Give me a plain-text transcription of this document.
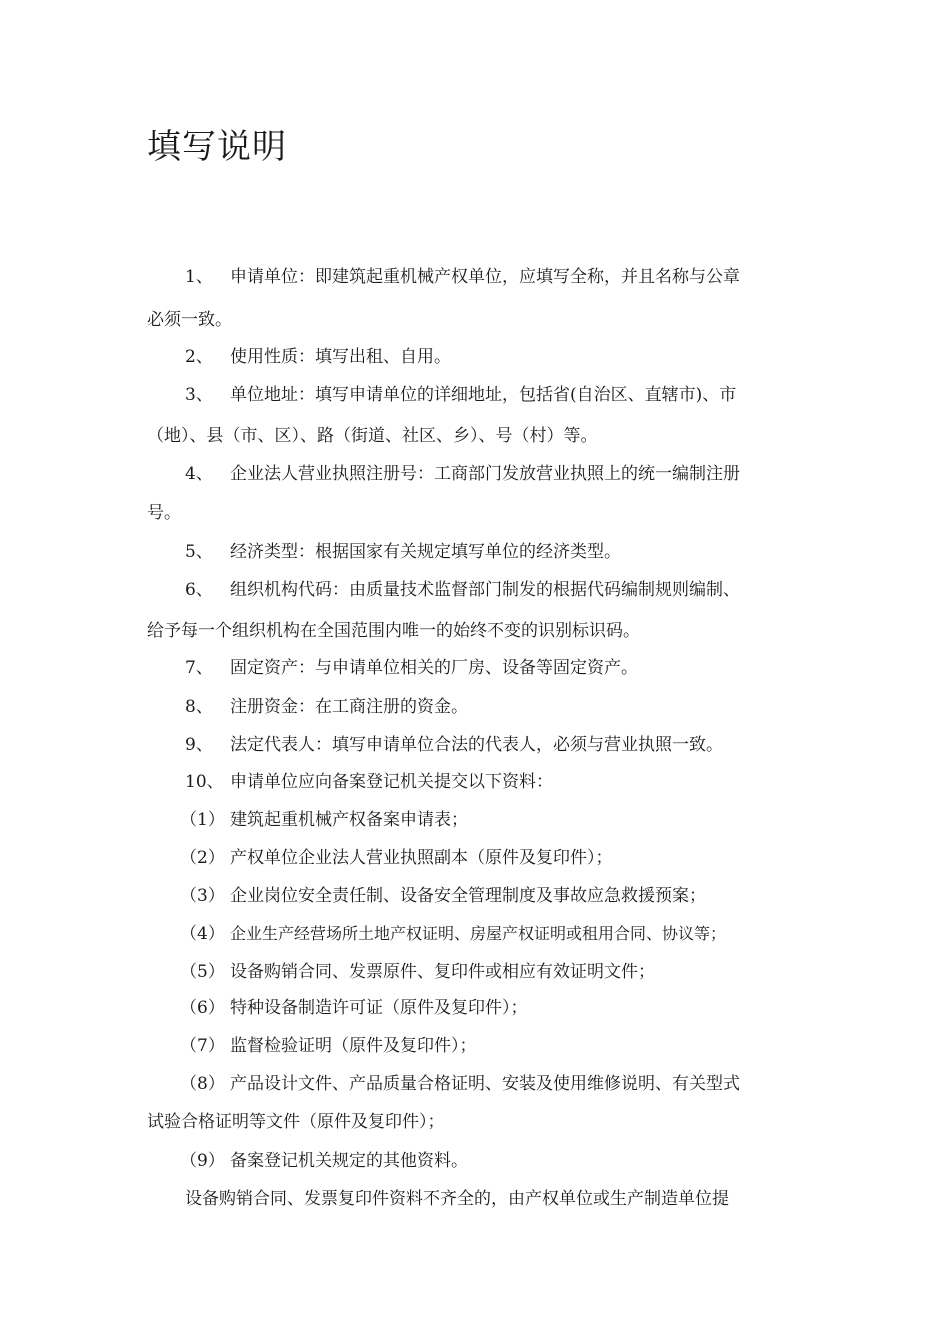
填写说明
1、 申请单位：即建筑起重机械产权单位，应填写全称，并且名称与公章
必须一致。
2、 使用性质：填写出租、自用。
3、 单位地址：填写申请单位的详细地址，包括省(自治区、直辖市)、市
（地）、县（市、区）、路（街道、社区、乡）、号（村）等。
4、 企业法人营业执照注册号：工商部门发放营业执照上的统一编制注册
号。
5、 经济类型：根据国家有关规定填写单位的经济类型。
6、 组织机构代码：由质量技术监督部门制发的根据代码编制规则编制、
给予每一个组织机构在全国范围内唯一的始终不变的识别标识码。
7、 固定资产：与申请单位相关的厂房、设备等固定资产。
8、 注册资金：在工商注册的资金。
9、 法定代表人：填写申请单位合法的代表人，必须与营业执照一致。
10、 申请单位应向备案登记机关提交以下资料：
（1） 建筑起重机械产权备案申请表；
（2） 产权单位企业法人营业执照副本（原件及复印件）；
（3） 企业岗位安全责任制、设备安全管理制度及事故应急救援预案；
（4） 企业生产经营场所土地产权证明、房屋产权证明或租用合同、协议等；
（5） 设备购销合同、发票原件、复印件或相应有效证明文件；
（6） 特种设备制造许可证（原件及复印件）；
（7） 监督检验证明（原件及复印件）；
（8） 产品设计文件、产品质量合格证明、安装及使用维修说明、有关型式
试验合格证明等文件（原件及复印件）；
（9） 备案登记机关规定的其他资料。
设备购销合同、发票复印件资料不齐全的，由产权单位或生产制造单位提
